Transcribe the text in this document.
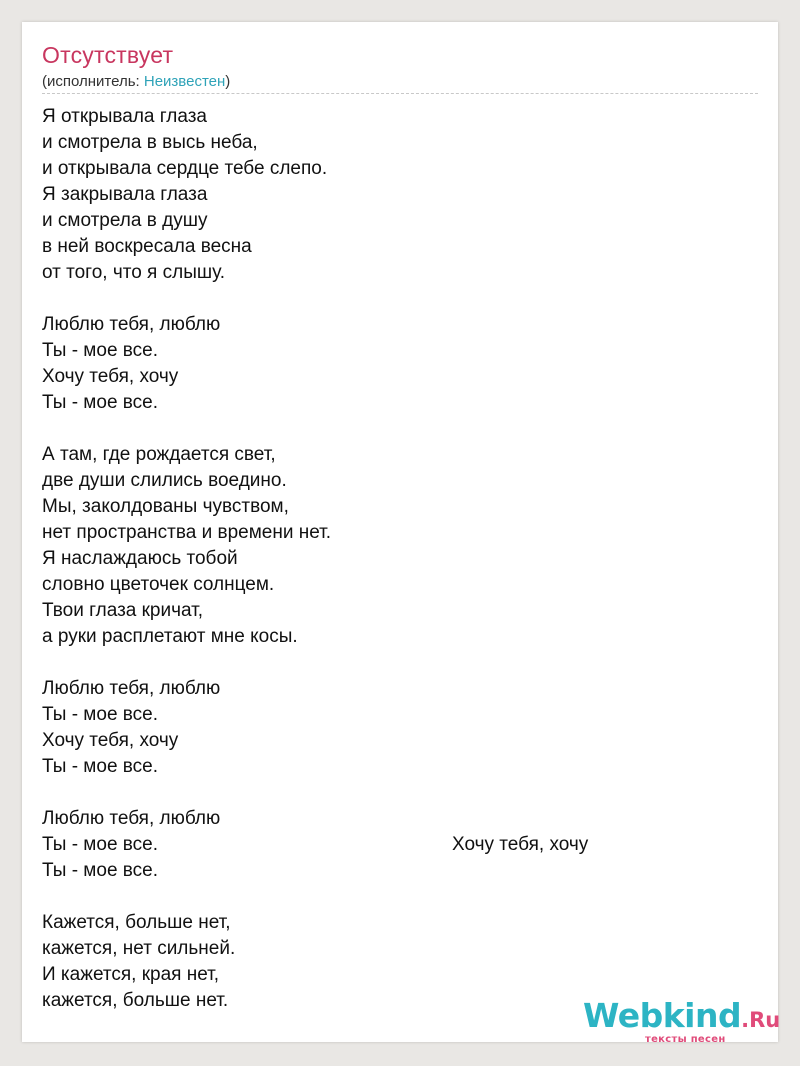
Отсутствует
(исполнитель: Неизвестен)
Я открывала глаза
и смотрела в высь неба,
и открывала сердце тебе слепо.
Я закрывала глаза
и смотрела в душу
в ней воскресала весна
от того, что я слышу.
Люблю тебя, люблю
Ты - мое все.
Хочу тебя, хочу
Ты - мое все.
А там, где рождается свет,
две души слились воедино.
Мы, заколдованы чувством,
нет пространства и времени нет.
Я наслаждаюсь тобой
словно цветочек солнцем.
Твои глаза кричат,
а руки расплетают мне косы.
Люблю тебя, люблю
Ты - мое все.
Хочу тебя, хочу
Ты - мое все.
Люблю тебя, люблю
Ты - мое все.
Ты - мое все.
Кажется, больше нет,
кажется, нет сильней.
И кажется, края нет,
кажется, больше нет.
Хочу тебя, хочу
Webkind.Ru
тексты песен
